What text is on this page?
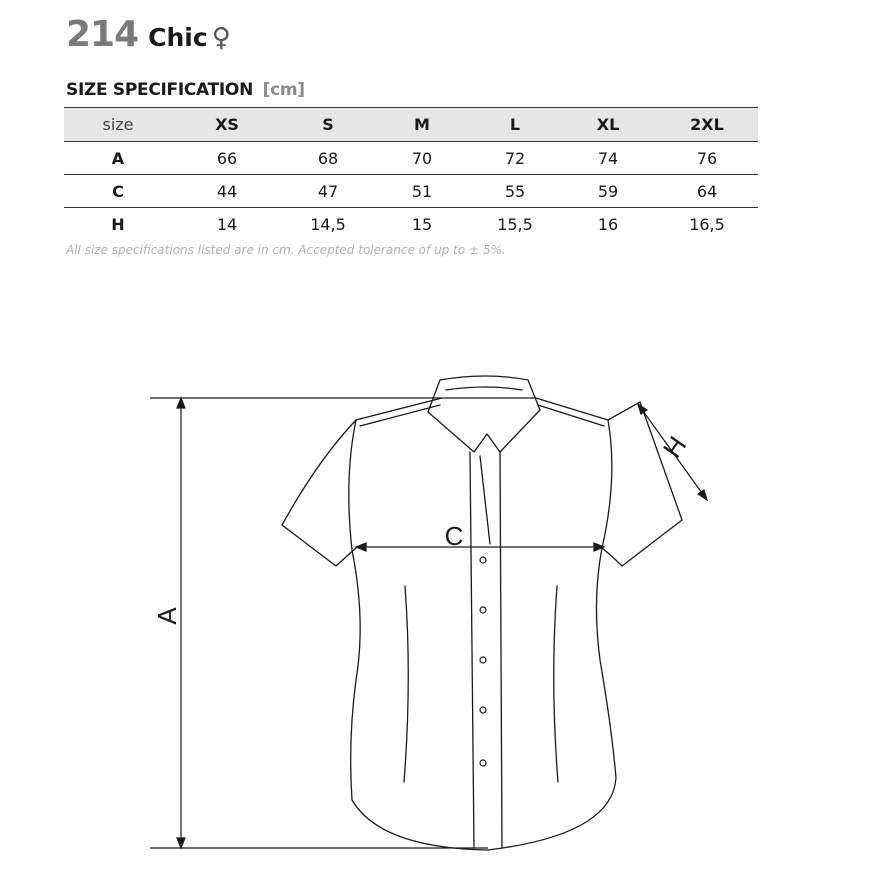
214 Chic ♀
SIZE SPECIFICATION [cm]
size	XS	S	M	L	XL	2XL
A	66	68	70	72	74	76
C	44	47	51	55	59	64
H	14	14,5	15	15,5	16	16,5
All size specifications listed are in cm. Accepted tolerance of up to ± 5%.
A
C
H
